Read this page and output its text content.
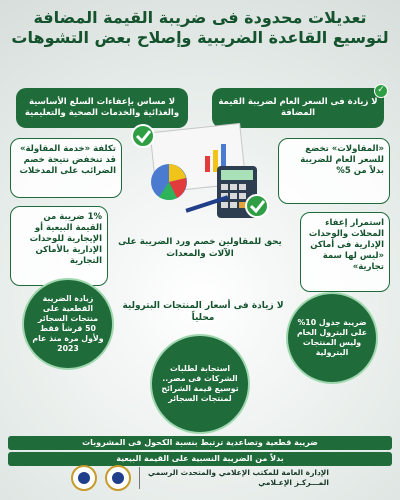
تعديلات محدودة فى ضريبة القيمة المضافة
لتوسيع القاعدة الضريبية وإصلاح بعض التشوهات
لا مساس بإعفاءات السلع الأساسية والغذائية والخدمات الصحية والتعليمية
✓
لا زيادة فى السعر العام لضريبة القيمة المضافة
تكلفة «خدمة المقاولة» قد تنخفض نتيجة خصم الضرائب على المدخلات
«المقاولات» تخضع للسعر العام للضريبة بدلاً من 5%
1% ضريبة من القيمة البيعية أو الإيجارية للوحدات الإدارية بالأماكن التجارية
استمرار إعفاء المحلات والوحدات الإدارية فى أماكن «ليس لها سمة تجارية»
يحق للمقاولين خصم ورد الضريبة على الآلات والمعدات
لا زيادة فى أسعار المنتجات البترولية محلياً
زيادة الضريبة القطعية على منتجات السجائر 50 قرشاً فقط ولأول مرة منذ عام 2023
استجابة لطلبات الشركات فى مصر.. توسيع قيمة الشرائح لمنتجات السجائر
ضريبة جدول 10% على البترول الخام وليس المنتجات البترولية
ضريبة قطعية وتصاعدية ترتبط بنسبة الكحول فى المشروبات
بدلاً من الضريبة النسبية على القيمة البيعية
الإدارة العامة للمكتب الإعلامي والمتحدث الرسمي
المـــركـز الإعـلامي
